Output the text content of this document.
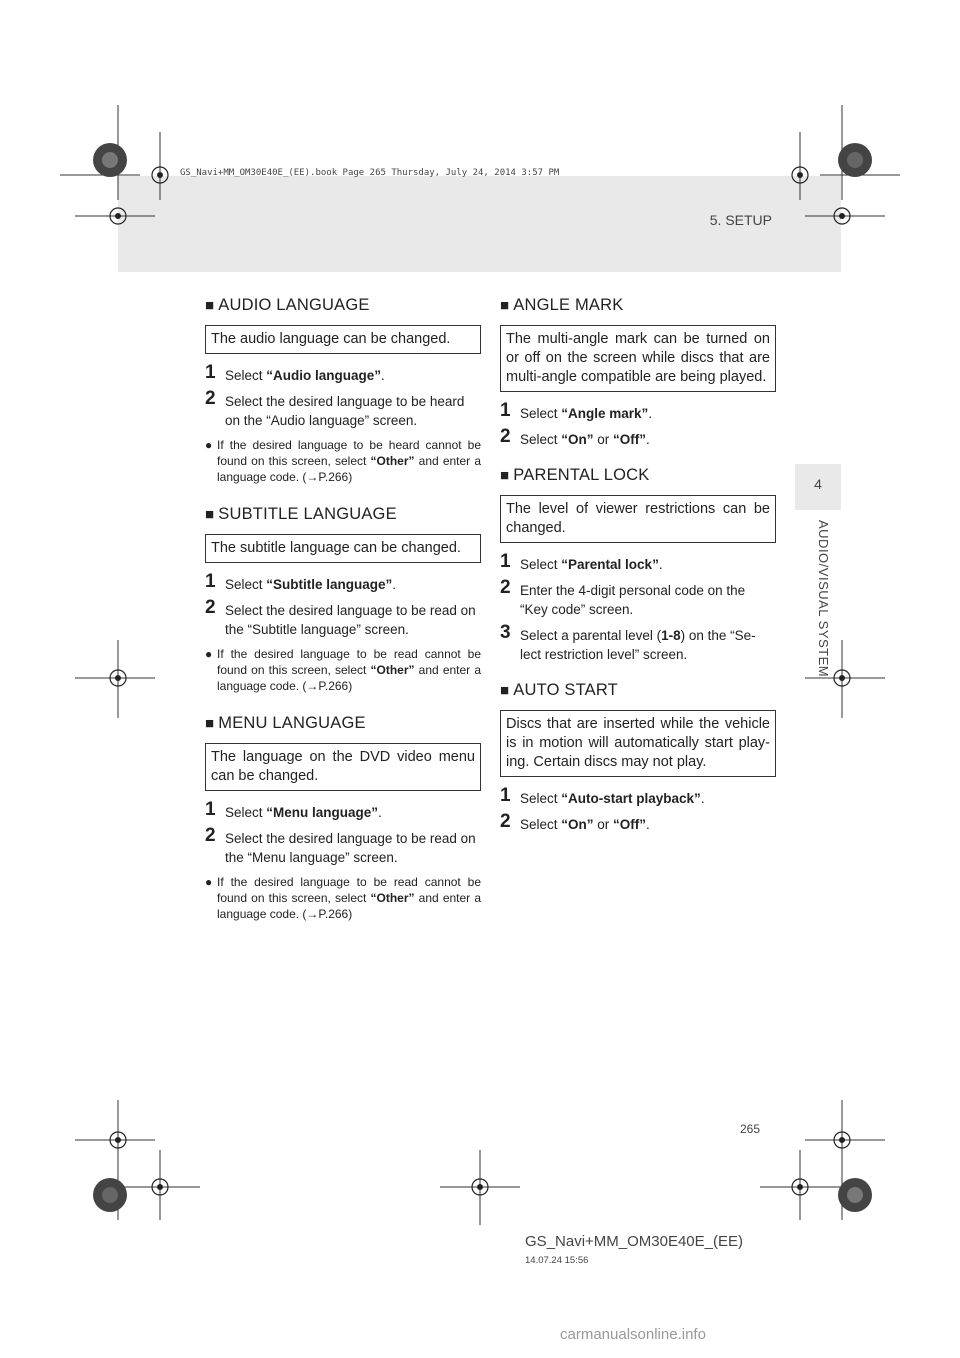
GS_Navi+MM_OM30E40E_(EE).book Page 265 Thursday, July 24, 2014 3:57 PM
5. SETUP
4
AUDIO/VISUAL SYSTEM
■ AUDIO LANGUAGE
The audio language can be changed.
1 Select “Audio language”.
2 Select the desired language to be heard on the “Audio language” screen.
● If the desired language to be heard cannot be found on this screen, select “Other” and enter a language code. (→P.266)
■ SUBTITLE LANGUAGE
The subtitle language can be changed.
1 Select “Subtitle language”.
2 Select the desired language to be read on the “Subtitle language” screen.
● If the desired language to be read cannot be found on this screen, select “Other” and enter a language code. (→P.266)
■ MENU LANGUAGE
The language on the DVD video menu can be changed.
1 Select “Menu language”.
2 Select the desired language to be read on the “Menu language” screen.
● If the desired language to be read cannot be found on this screen, select “Other” and enter a language code. (→P.266)
■ ANGLE MARK
The multi-angle mark can be turned on or off on the screen while discs that are multi-angle compatible are being played.
1 Select “Angle mark”.
2 Select “On” or “Off”.
■ PARENTAL LOCK
The level of viewer restrictions can be changed.
1 Select “Parental lock”.
2 Enter the 4-digit personal code on the “Key code” screen.
3 Select a parental level (1-8) on the “Se-lect restriction level” screen.
■ AUTO START
Discs that are inserted while the vehicle is in motion will automatically start play-ing. Certain discs may not play.
1 Select “Auto-start playback”.
2 Select “On” or “Off”.
265
GS_Navi+MM_OM30E40E_(EE)
14.07.24 15:56
carmanualsonline.info
